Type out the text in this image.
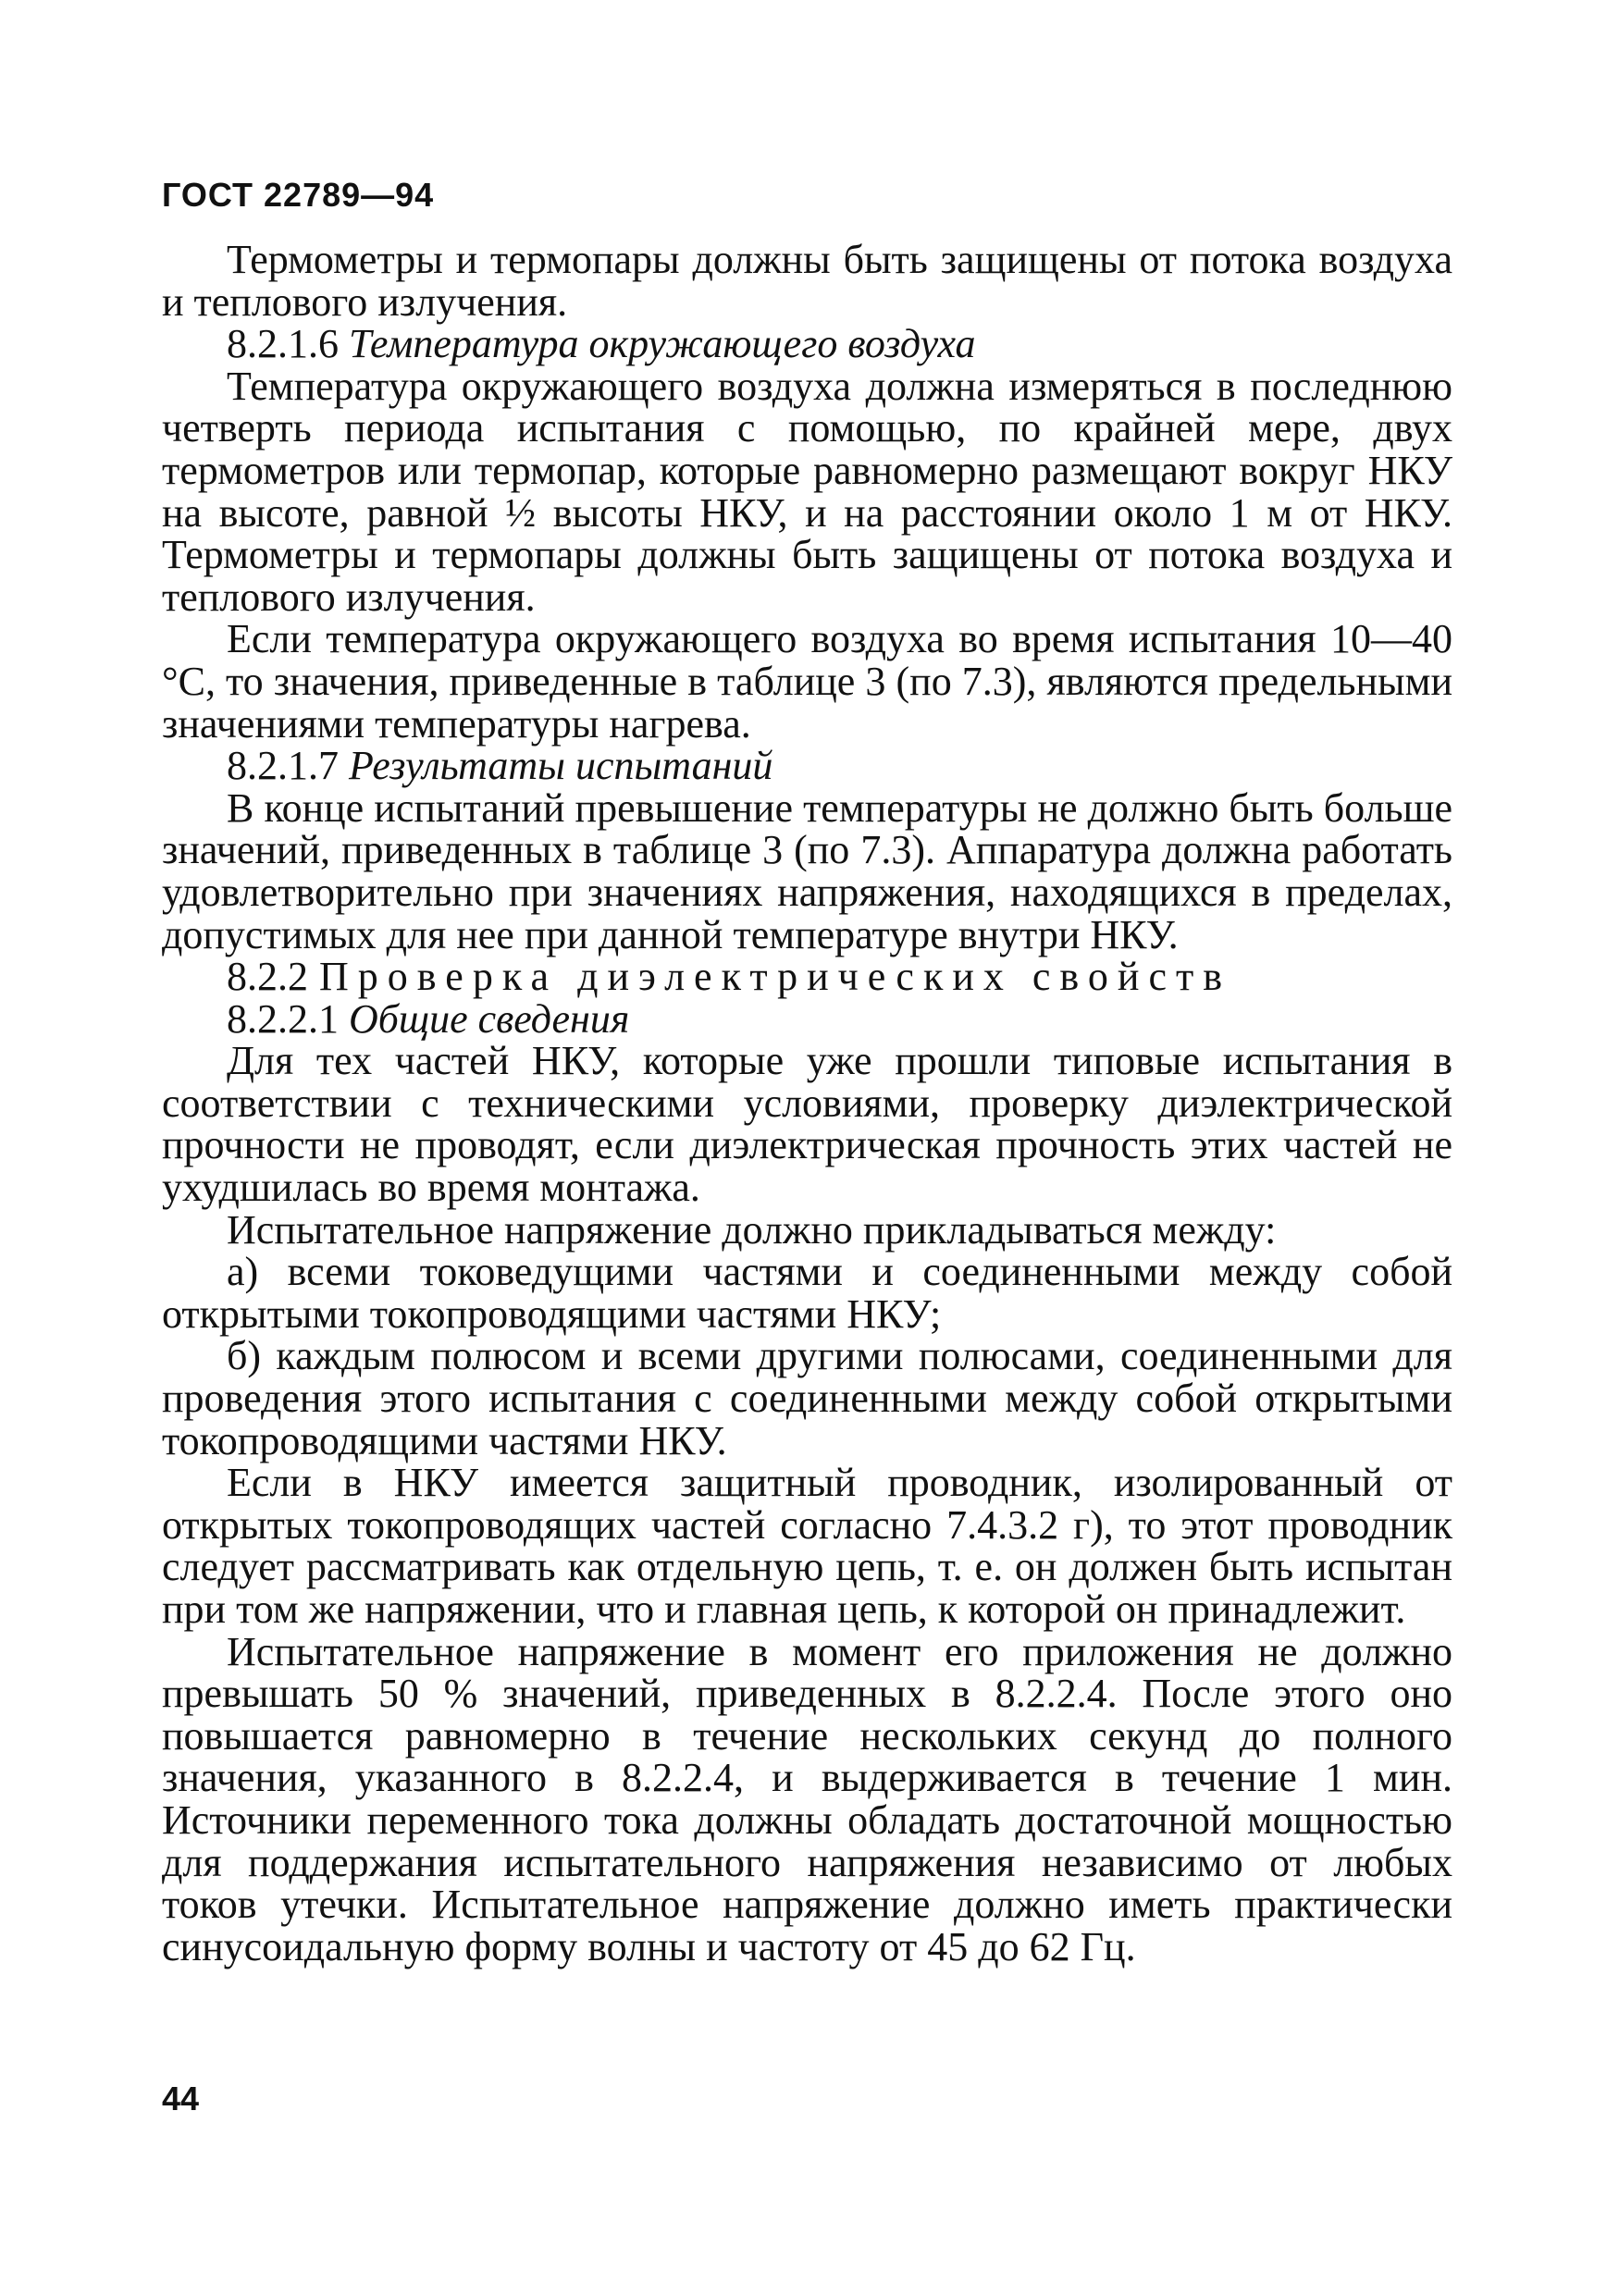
ГОСТ 22789—94

Термометры и термопары должны быть защищены от потока воздуха и теплового излучения.

8.2.1.6 Температура окружающего воздуха

Температура окружающего воздуха должна измеряться в последнюю четверть периода испытания с помощью, по крайней мере, двух термометров или термопар, которые равномерно размещают вокруг НКУ на высоте, равной ½ высоты НКУ, и на расстоянии около 1 м от НКУ. Термометры и термопары должны быть защищены от потока воздуха и теплового излучения.

Если температура окружающего воздуха во время испытания 10—40 °С, то значения, приведенные в таблице 3 (по 7.3), являются предельными значениями температуры нагрева.

8.2.1.7 Результаты испытаний

В конце испытаний превышение температуры не должно быть больше значений, приведенных в таблице 3 (по 7.3). Аппаратура должна работать удовлетворительно при значениях напряжения, находящихся в пределах, допустимых для нее при данной температуре внутри НКУ.

8.2.2 Проверка диэлектрических свойств

8.2.2.1 Общие сведения

Для тех частей НКУ, которые уже прошли типовые испытания в соответствии с техническими условиями, проверку диэлектрической прочности не проводят, если диэлектрическая прочность этих частей не ухудшилась во время монтажа.

Испытательное напряжение должно прикладываться между:

а) всеми токоведущими частями и соединенными между собой открытыми токопроводящими частями НКУ;

б) каждым полюсом и всеми другими полюсами, соединенными для проведения этого испытания с соединенными между собой открытыми токопроводящими частями НКУ.

Если в НКУ имеется защитный проводник, изолированный от открытых токопроводящих частей согласно 7.4.3.2 г), то этот проводник следует рассматривать как отдельную цепь, т. е. он должен быть испытан при том же напряжении, что и главная цепь, к которой он принадлежит.

Испытательное напряжение в момент его приложения не должно превышать 50 % значений, приведенных в 8.2.2.4. После этого оно повышается равномерно в течение нескольких секунд до полного значения, указанного в 8.2.2.4, и выдерживается в течение 1 мин. Источники переменного тока должны обладать достаточной мощностью для поддержания испытательного напряжения независимо от любых токов утечки. Испытательное напряжение должно иметь практически синусоидальную форму волны и частоту от 45 до 62 Гц.

44
